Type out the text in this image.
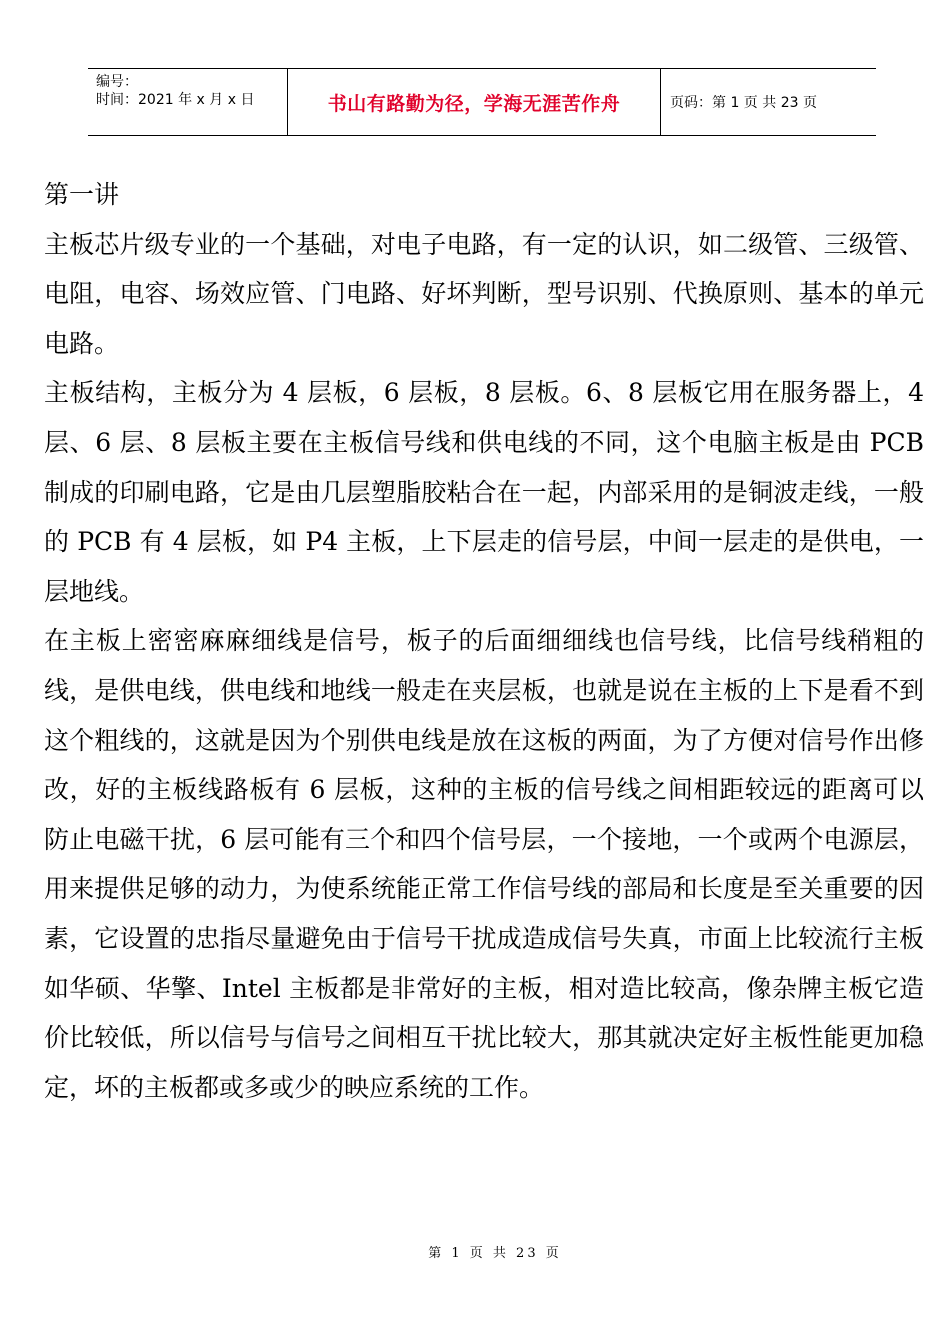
编号：
时间：2021 年 x 月 x 日	书山有路勤为径，学海无涯苦作舟	页码：第 1 页 共 23 页

第一讲

主板芯片级专业的一个基础，对电子电路，有一定的认识，如二级管、三级管、电阻，电容、场效应管、门电路、好坏判断，型号识别、代换原则、基本的单元电路。

主板结构，主板分为 4 层板，6 层板，8 层板。6、8 层板它用在服务器上，4 层、6 层、8 层板主要在主板信号线和供电线的不同，这个电脑主板是由 PCB 制成的印刷电路，它是由几层塑脂胶粘合在一起，内部采用的是铜波走线，一般的 PCB 有 4 层板，如 P4 主板，上下层走的信号层，中间一层走的是供电，一层地线。

在主板上密密麻麻细线是信号，板子的后面细细线也信号线，比信号线稍粗的线，是供电线，供电线和地线一般走在夹层板，也就是说在主板的上下是看不到这个粗线的，这就是因为个别供电线是放在这板的两面，为了方便对信号作出修改，好的主板线路板有 6 层板，这种的主板的信号线之间相距较远的距离可以防止电磁干扰，6 层可能有三个和四个信号层，一个接地，一个或两个电源层，用来提供足够的动力，为使系统能正常工作信号线的部局和长度是至关重要的因素，它设置的忠指尽量避免由于信号干扰成造成信号失真，市面上比较流行主板如华硕、华擎、Intel 主板都是非常好的主板，相对造比较高，像杂牌主板它造价比较低，所以信号与信号之间相互干扰比较大，那其就决定好主板性能更加稳定，坏的主板都或多或少的映应系统的工作。

第 1 页 共 23 页
